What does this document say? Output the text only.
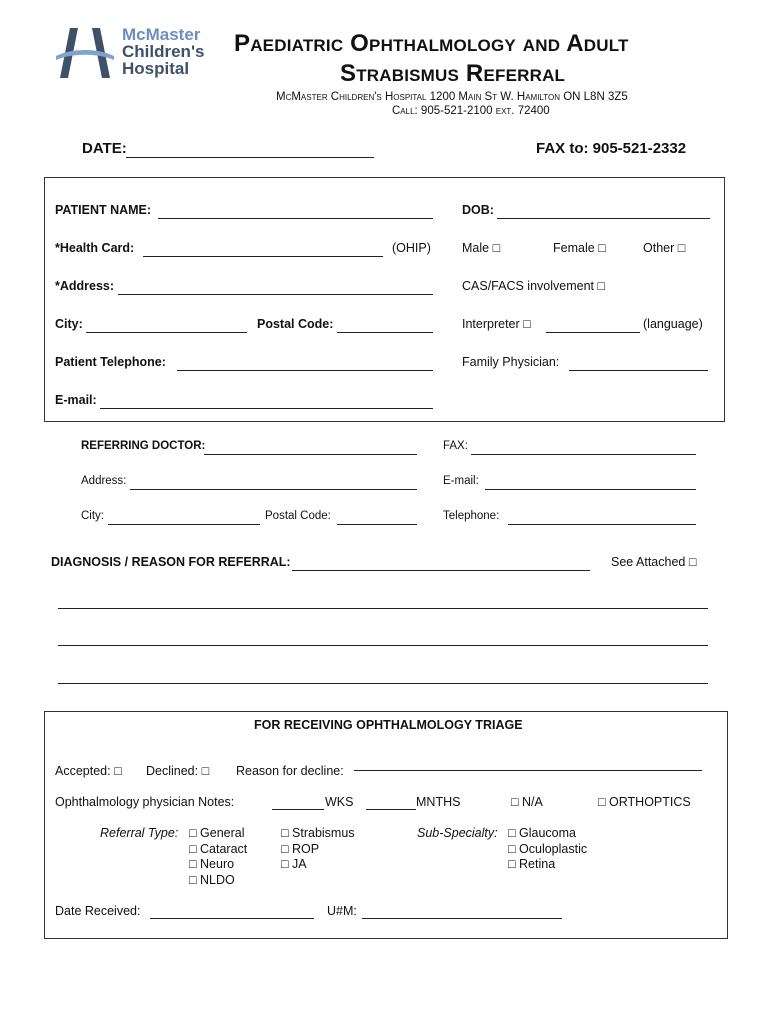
McMaster
Children's
Hospital
Paediatric Ophthalmology and Adult
Strabismus Referral
McMaster Children's Hospital 1200 Main St W. Hamilton ON L8N 3Z5
Call: 905-521-2100 ext. 72400
DATE:	FAX to: 905-521-2332
PATIENT NAME:	DOB:
*Health Card:	(OHIP) Male □	Female □	Other □
*Address:	CAS/FACS involvement □
City:	Postal Code:	Interpreter □	(language)
Patient Telephone:	Family Physician:
E-mail:
REFERRING DOCTOR:	FAX:
Address:	E-mail:
City:	Postal Code:	Telephone:
DIAGNOSIS / REASON FOR REFERRAL:	See Attached □
FOR RECEIVING OPHTHALMOLOGY TRIAGE
Accepted: □ Declined: □ Reason for decline:
Ophthalmology physician Notes:	WKS	MNTHS	□ N/A	□ ORTHOPTICS
Referral Type: □ General
□ Cataract
□ Neuro
□ NLDO
□ Strabismus
□ ROP
□ JA
Sub-Specialty: □ Glaucoma
□ Oculoplastic
□ Retina
Date Received:	U#M:
